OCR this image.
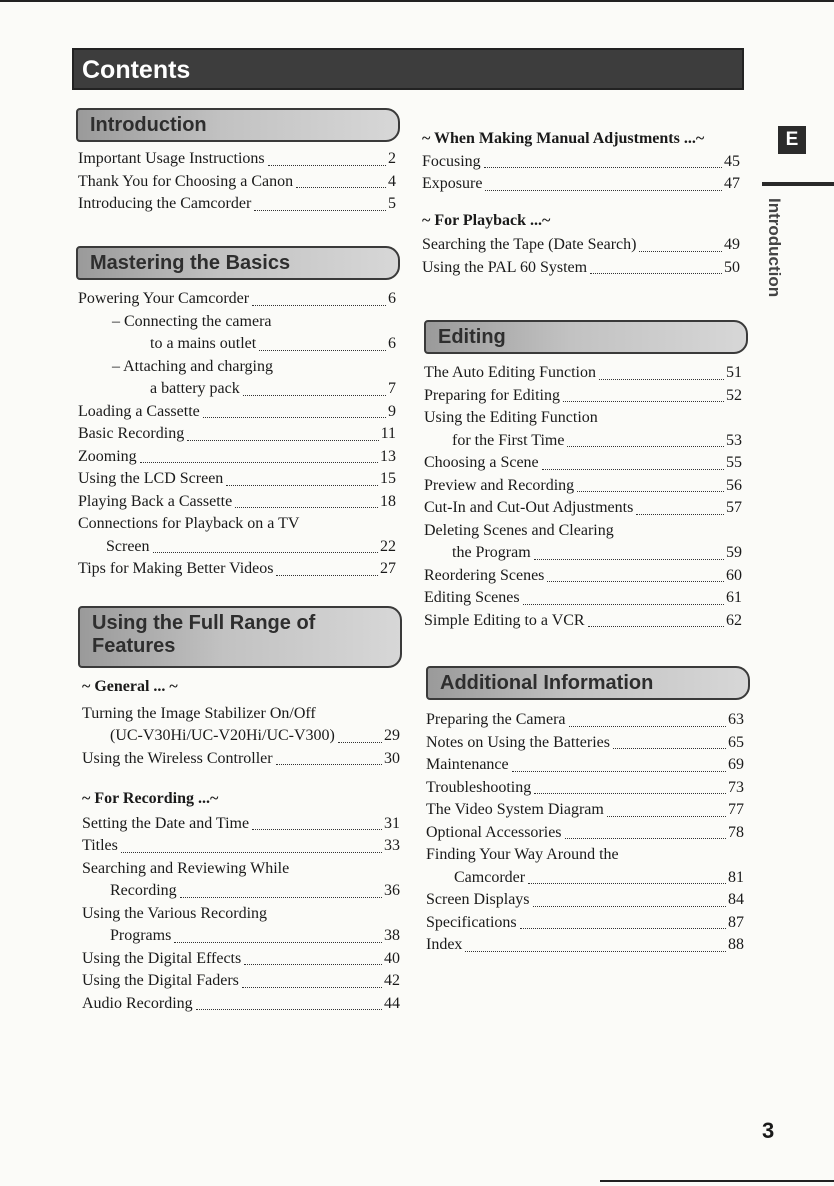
Contents
Introduction
Important Usage Instructions	2
Thank You for Choosing a Canon	4
Introducing the Camcorder	5
Mastering the Basics
Powering Your Camcorder	6
– Connecting the camera
to a mains outlet	6
– Attaching and charging
a battery pack	7
Loading a Cassette	9
Basic Recording	11
Zooming	13
Using the LCD Screen	15
Playing Back a Cassette	18
Connections for Playback on a TV
Screen	22
Tips for Making Better Videos	27
Using the Full Range of
Features
~ General ... ~
Turning the Image Stabilizer On/Off
(UC-V30Hi/UC-V20Hi/UC-V300)	29
Using the Wireless Controller	30
~ For Recording ...~
Setting the Date and Time	31
Titles	33
Searching and Reviewing While
Recording	36
Using the Various Recording
Programs	38
Using the Digital Effects	40
Using the Digital Faders	42
Audio Recording	44
~ When Making Manual Adjustments ...~
Focusing	45
Exposure	47
~ For Playback ...~
Searching the Tape (Date Search)	49
Using the PAL 60 System	50
Editing
The Auto Editing Function	51
Preparing for Editing	52
Using the Editing Function
for the First Time	53
Choosing a Scene	55
Preview and Recording	56
Cut-In and Cut-Out Adjustments	57
Deleting Scenes and Clearing
the Program	59
Reordering Scenes	60
Editing Scenes	61
Simple Editing to a VCR	62
Additional Information
Preparing the Camera	63
Notes on Using the Batteries	65
Maintenance	69
Troubleshooting	73
The Video System Diagram	77
Optional Accessories	78
Finding Your Way Around the
Camcorder	81
Screen Displays	84
Specifications	87
Index	88
E
Introduction
3
